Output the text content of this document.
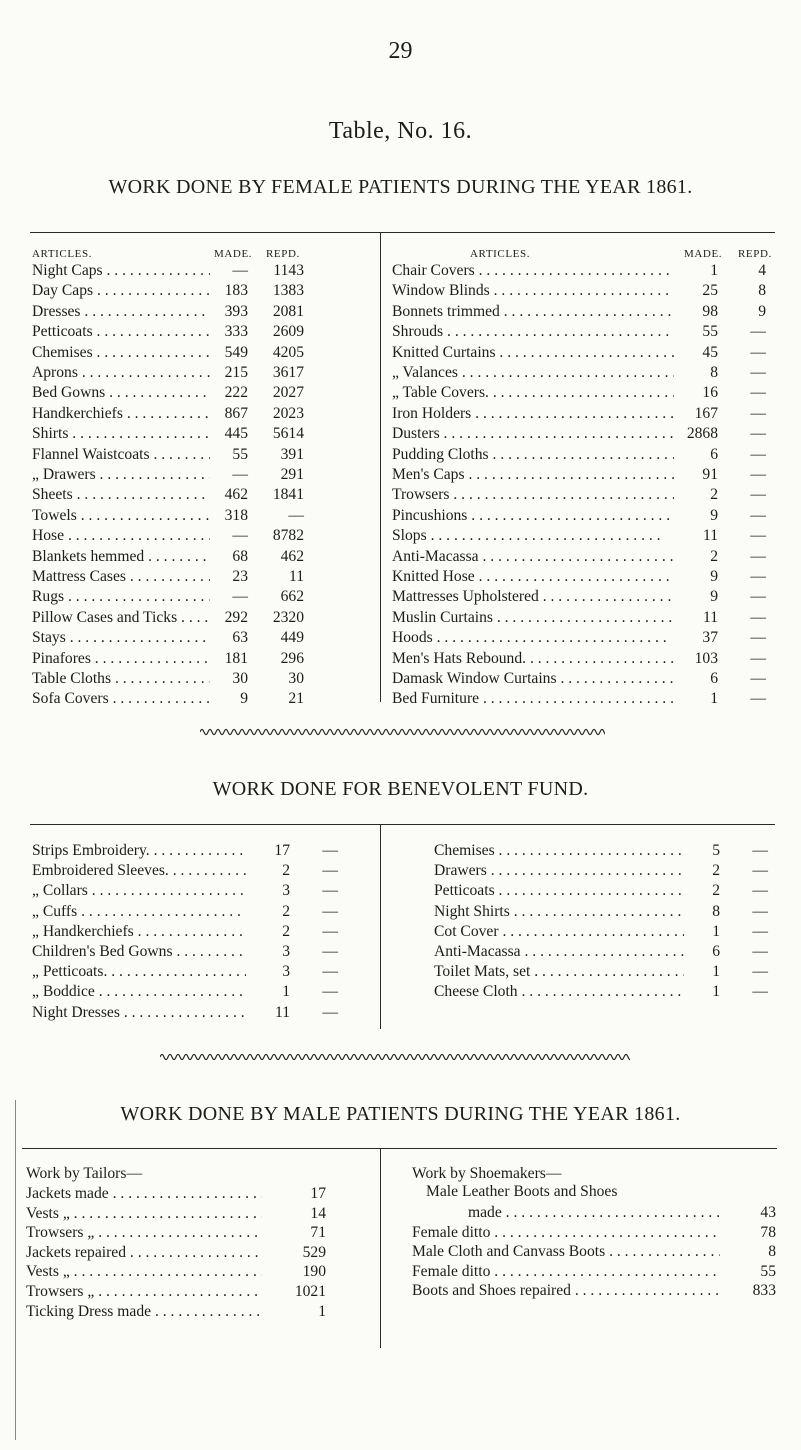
29
Table, No. 16.
WORK DONE BY FEMALE PATIENTS DURING THE YEAR 1861.
ARTICLES.	MADE. REPD.	ARTICLES.	MADE. REPD.
Night Caps . .	—	1143
Day Caps . .	183	1383
Dresses . .	393	2081
Petticoats . .	333	2609
Chemises . .	549	4205
Aprons . .	215	3617
Bed Gowns . .	222	2027
Handkerchiefs . .	867	2023
Shirts . .	445	5614
Flannel Waistcoats . .	55	391
„ Drawers . .	—	291
Sheets . .	462	1841
Towels . .	318	—
Hose . .	—	8782
Blankets hemmed . .	68	462
Mattress Cases . .	23	11
Rugs . .	—	662
Pillow Cases and Ticks . .	292	2320
Stays . .	63	449
Pinafores . .	181	296
Table Cloths . .	30	30
Sofa Covers . .	9	21
Chair Covers . .	1	4
Window Blinds . .	25	8
Bonnets trimmed . .	98	9
Shrouds . .	55	—
Knitted Curtains . .	45	—
„ Valances . .	8	—
„ Table Covers. . .	16	—
Iron Holders . .	167	—
Dusters . .	2868	—
Pudding Cloths . .	6	—
Men's Caps . .	91	—
Trowsers . .	2	—
Pincushions . .	9	—
Slops . .	11	—
Anti-Macassa . .	2	—
Knitted Hose . .	9	—
Mattresses Upholstered . .	9	—
Muslin Curtains . .	11	—
Hoods . .	37	—
Men's Hats Rebound. . .	103	—
Damask Window Curtains . .	6	—
Bed Furniture . .	1	—
WORK DONE FOR BENEVOLENT FUND.
Strips Embroidery. . .	17 —
Embroidered Sleeves. . .	2 —
„ Collars . .	3 —
„ Cuffs . .	2 —
„ Handkerchiefs . .	2 —
Children's Bed Gowns . .	3 —
„ Petticoats. . .	3 —
„ Boddice . .	1 —
Night Dresses . .	11 —
Chemises . .	5 —
Drawers . .	2 —
Petticoats . .	2 —
Night Shirts . .	8 —
Cot Cover . .	1 —
Anti-Macassa . .	6 —
Toilet Mats, set . .	1 —
Cheese Cloth . .	1 —
WORK DONE BY MALE PATIENTS DURING THE YEAR 1861.
Work by Tailors—	Work by Shoemakers—
Male Leather Boots and Shoes
Jackets made . .	17
Vests „ . .	14
Trowsers „ . .	71
Jackets repaired . .	529
Vests „ . .	190
Trowsers „ . .	1021
Ticking Dress made . .	1
made . .	43
Female ditto . .	78
Male Cloth and Canvass Boots . .	8
Female ditto . .	55
Boots and Shoes repaired . .	833
